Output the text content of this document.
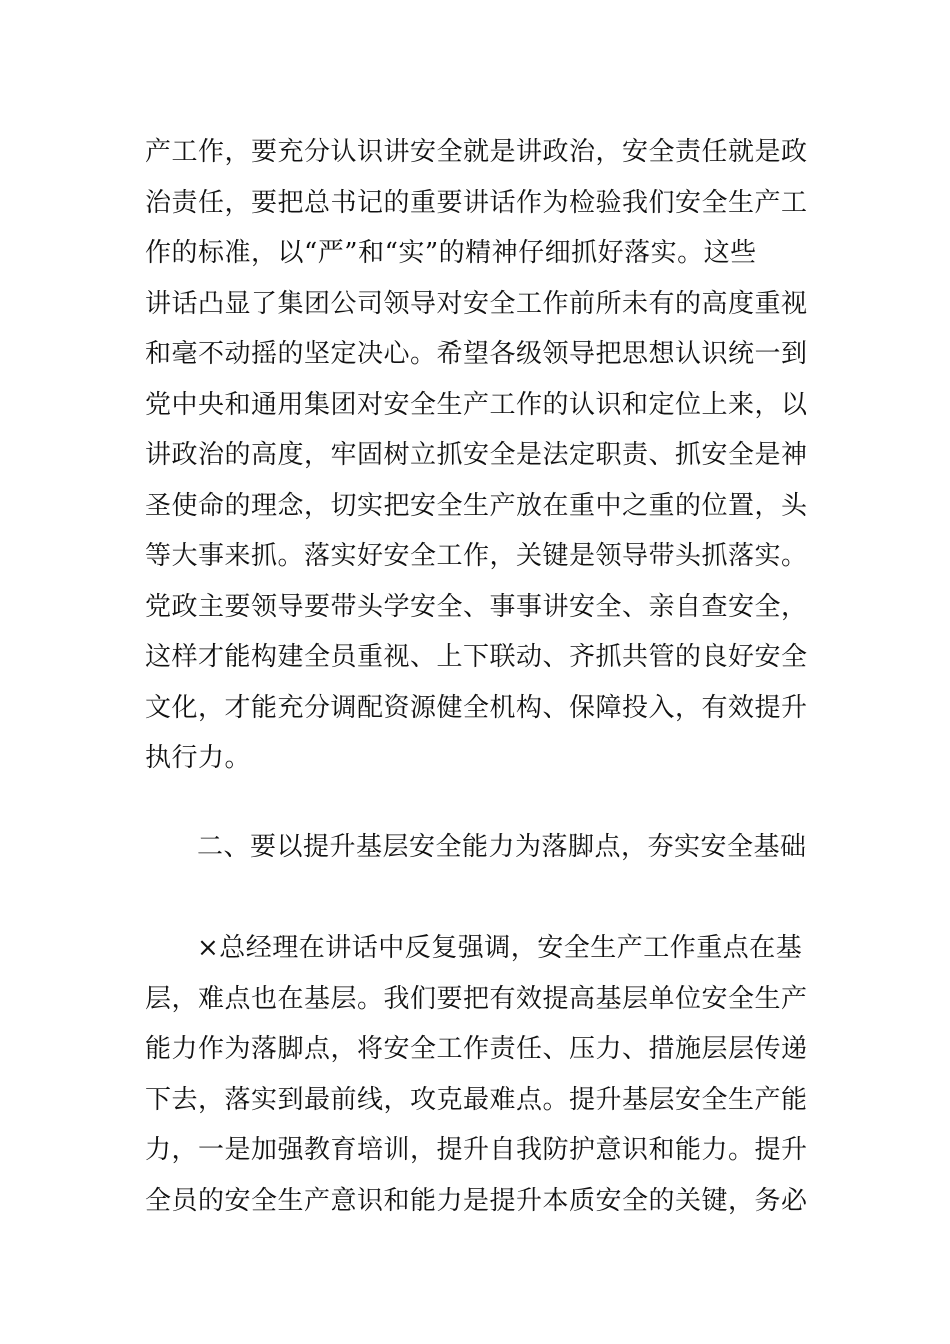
产工作，要充分认识讲安全就是讲政治，安全责任就是政
治责任，要把总书记的重要讲话作为检验我们安全生产工
作的标准，以“严”和“实”的精神仔细抓好落实。这些
讲话凸显了集团公司领导对安全工作前所未有的高度重视
和毫不动摇的坚定决心。希望各级领导把思想认识统一到
党中央和通用集团对安全生产工作的认识和定位上来，以
讲政治的高度，牢固树立抓安全是法定职责、抓安全是神
圣使命的理念，切实把安全生产放在重中之重的位置，头
等大事来抓。落实好安全工作，关键是领导带头抓落实。
党政主要领导要带头学安全、事事讲安全、亲自查安全，
这样才能构建全员重视、上下联动、齐抓共管的良好安全
文化，才能充分调配资源健全机构、保障投入，有效提升
执行力。
二、要以提升基层安全能力为落脚点，夯实安全基础
×总经理在讲话中反复强调，安全生产工作重点在基
层，难点也在基层。我们要把有效提高基层单位安全生产
能力作为落脚点，将安全工作责任、压力、措施层层传递
下去，落实到最前线，攻克最难点。提升基层安全生产能
力，一是加强教育培训，提升自我防护意识和能力。提升
全员的安全生产意识和能力是提升本质安全的关键，务必
